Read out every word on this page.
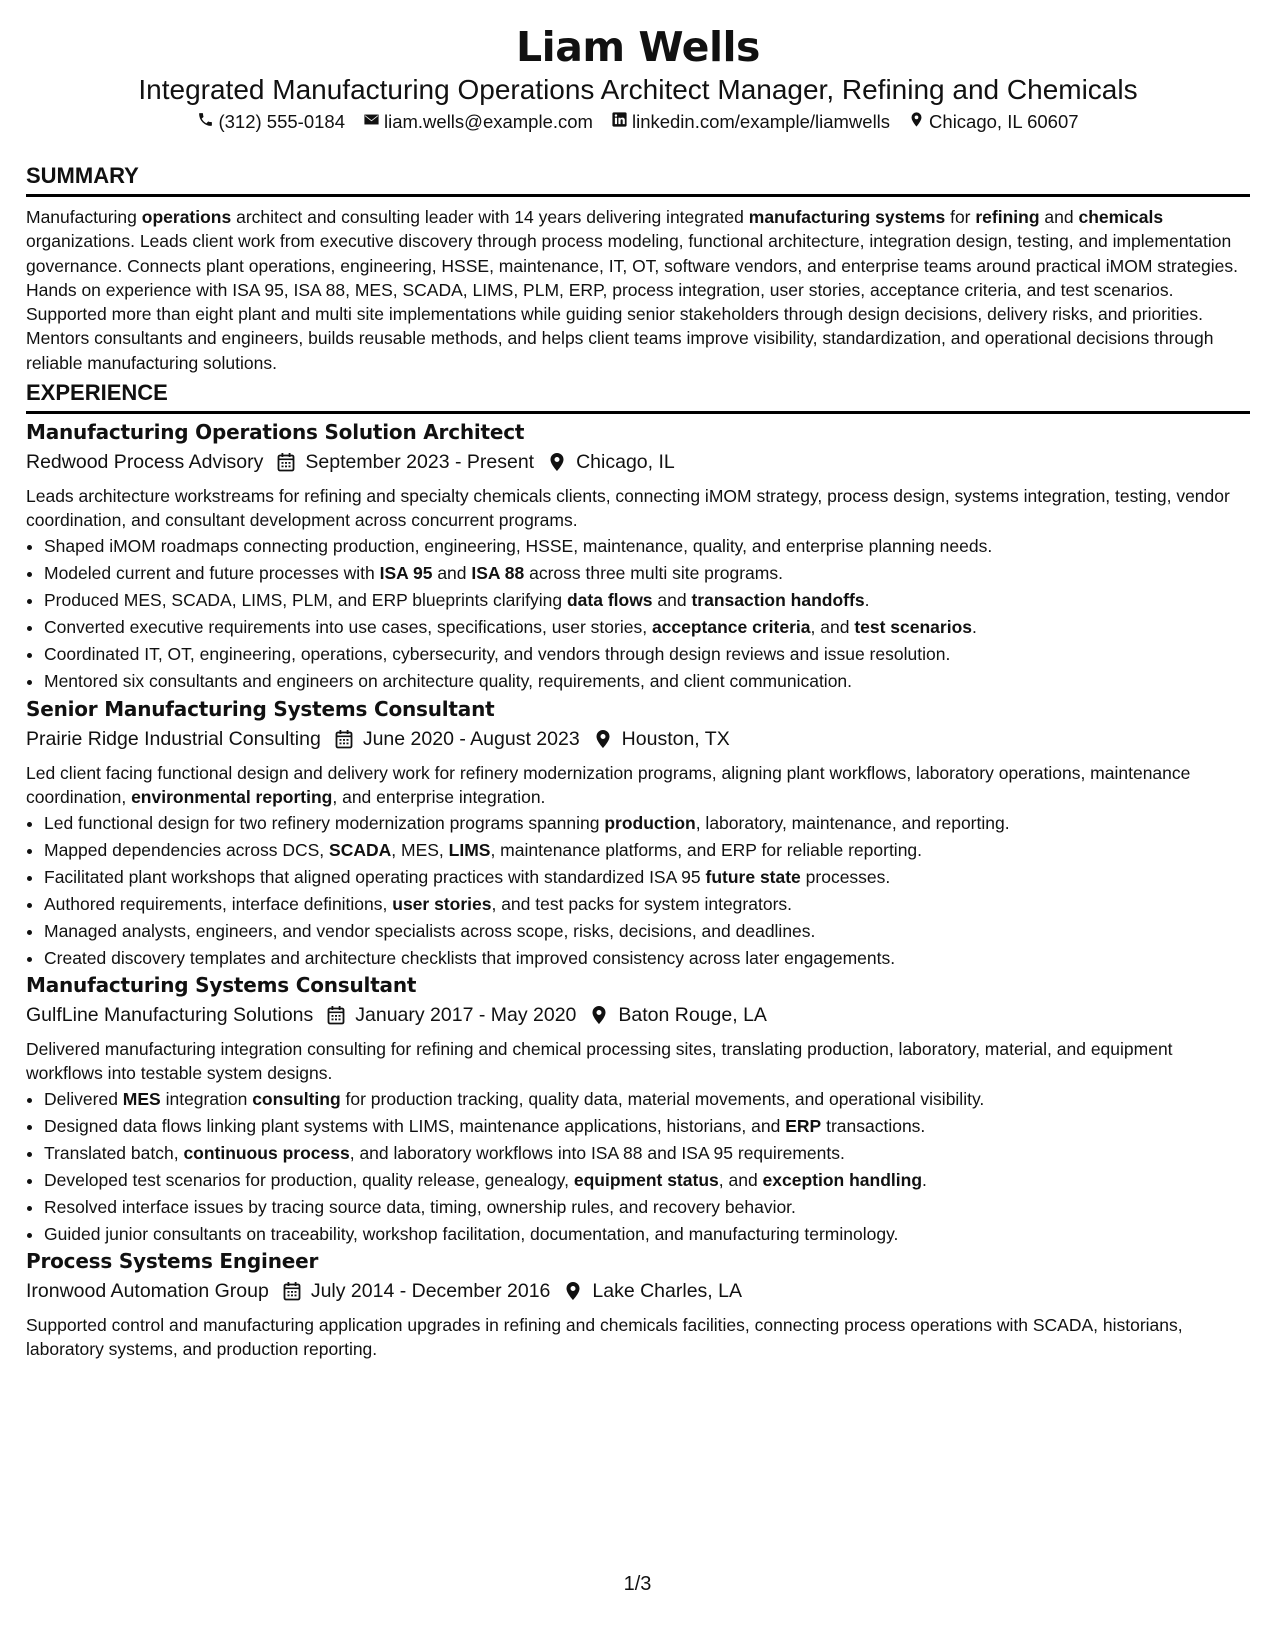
Liam Wells

Integrated Manufacturing Operations Architect Manager, Refining and Chemicals

(312) 555-0184 liam.wells@example.com linkedin.com/example/liamwells Chicago, IL 60607
SUMMARY

Manufacturing operations architect and consulting leader with 14 years delivering integrated manufacturing systems for refining and chemicals organizations. Leads client work from executive discovery through process modeling, functional architecture, integration design, testing, and implementation governance. Connects plant operations, engineering, HSSE, maintenance, IT, OT, software vendors, and enterprise teams around practical iMOM strategies. Hands on experience with ISA 95, ISA 88, MES, SCADA, LIMS, PLM, ERP, process integration, user stories, acceptance criteria, and test scenarios. Supported more than eight plant and multi site implementations while guiding senior stakeholders through design decisions, delivery risks, and priorities. Mentors consultants and engineers, builds reusable methods, and helps client teams improve visibility, standardization, and operational decisions through reliable manufacturing solutions.

EXPERIENCE
Manufacturing Operations Solution Architect
Redwood Process Advisory September 2023 - Present Chicago, IL

Leads architecture workstreams for refining and specialty chemicals clients, connecting iMOM strategy, process design, systems integration, testing, vendor coordination, and consultant development across concurrent programs.

• Shaped iMOM roadmaps connecting production, engineering, HSSE, maintenance, quality, and enterprise planning needs.
• Modeled current and future processes with ISA 95 and ISA 88 across three multi site programs.
• Produced MES, SCADA, LIMS, PLM, and ERP blueprints clarifying data flows and transaction handoffs.
• Converted executive requirements into use cases, specifications, user stories, acceptance criteria, and test scenarios.
• Coordinated IT, OT, engineering, operations, cybersecurity, and vendors through design reviews and issue resolution.
• Mentored six consultants and engineers on architecture quality, requirements, and client communication.
Senior Manufacturing Systems Consultant
Prairie Ridge Industrial Consulting June 2020 - August 2023 Houston, TX

Led client facing functional design and delivery work for refinery modernization programs, aligning plant workflows, laboratory operations, maintenance coordination, environmental reporting, and enterprise integration.

• Led functional design for two refinery modernization programs spanning production, laboratory, maintenance, and reporting.
• Mapped dependencies across DCS, SCADA, MES, LIMS, maintenance platforms, and ERP for reliable reporting.
• Facilitated plant workshops that aligned operating practices with standardized ISA 95 future state processes.
• Authored requirements, interface definitions, user stories, and test packs for system integrators.
• Managed analysts, engineers, and vendor specialists across scope, risks, decisions, and deadlines.
• Created discovery templates and architecture checklists that improved consistency across later engagements.
Manufacturing Systems Consultant
GulfLine Manufacturing Solutions January 2017 - May 2020 Baton Rouge, LA

Delivered manufacturing integration consulting for refining and chemical processing sites, translating production, laboratory, material, and equipment workflows into testable system designs.

• Delivered MES integration consulting for production tracking, quality data, material movements, and operational visibility.
• Designed data flows linking plant systems with LIMS, maintenance applications, historians, and ERP transactions.
• Translated batch, continuous process, and laboratory workflows into ISA 88 and ISA 95 requirements.
• Developed test scenarios for production, quality release, genealogy, equipment status, and exception handling.
• Resolved interface issues by tracing source data, timing, ownership rules, and recovery behavior.
• Guided junior consultants on traceability, workshop facilitation, documentation, and manufacturing terminology.
Process Systems Engineer
Ironwood Automation Group July 2014 - December 2016 Lake Charles, LA

Supported control and manufacturing application upgrades in refining and chemicals facilities, connecting process operations with SCADA, historians, laboratory systems, and production reporting.

1/3
